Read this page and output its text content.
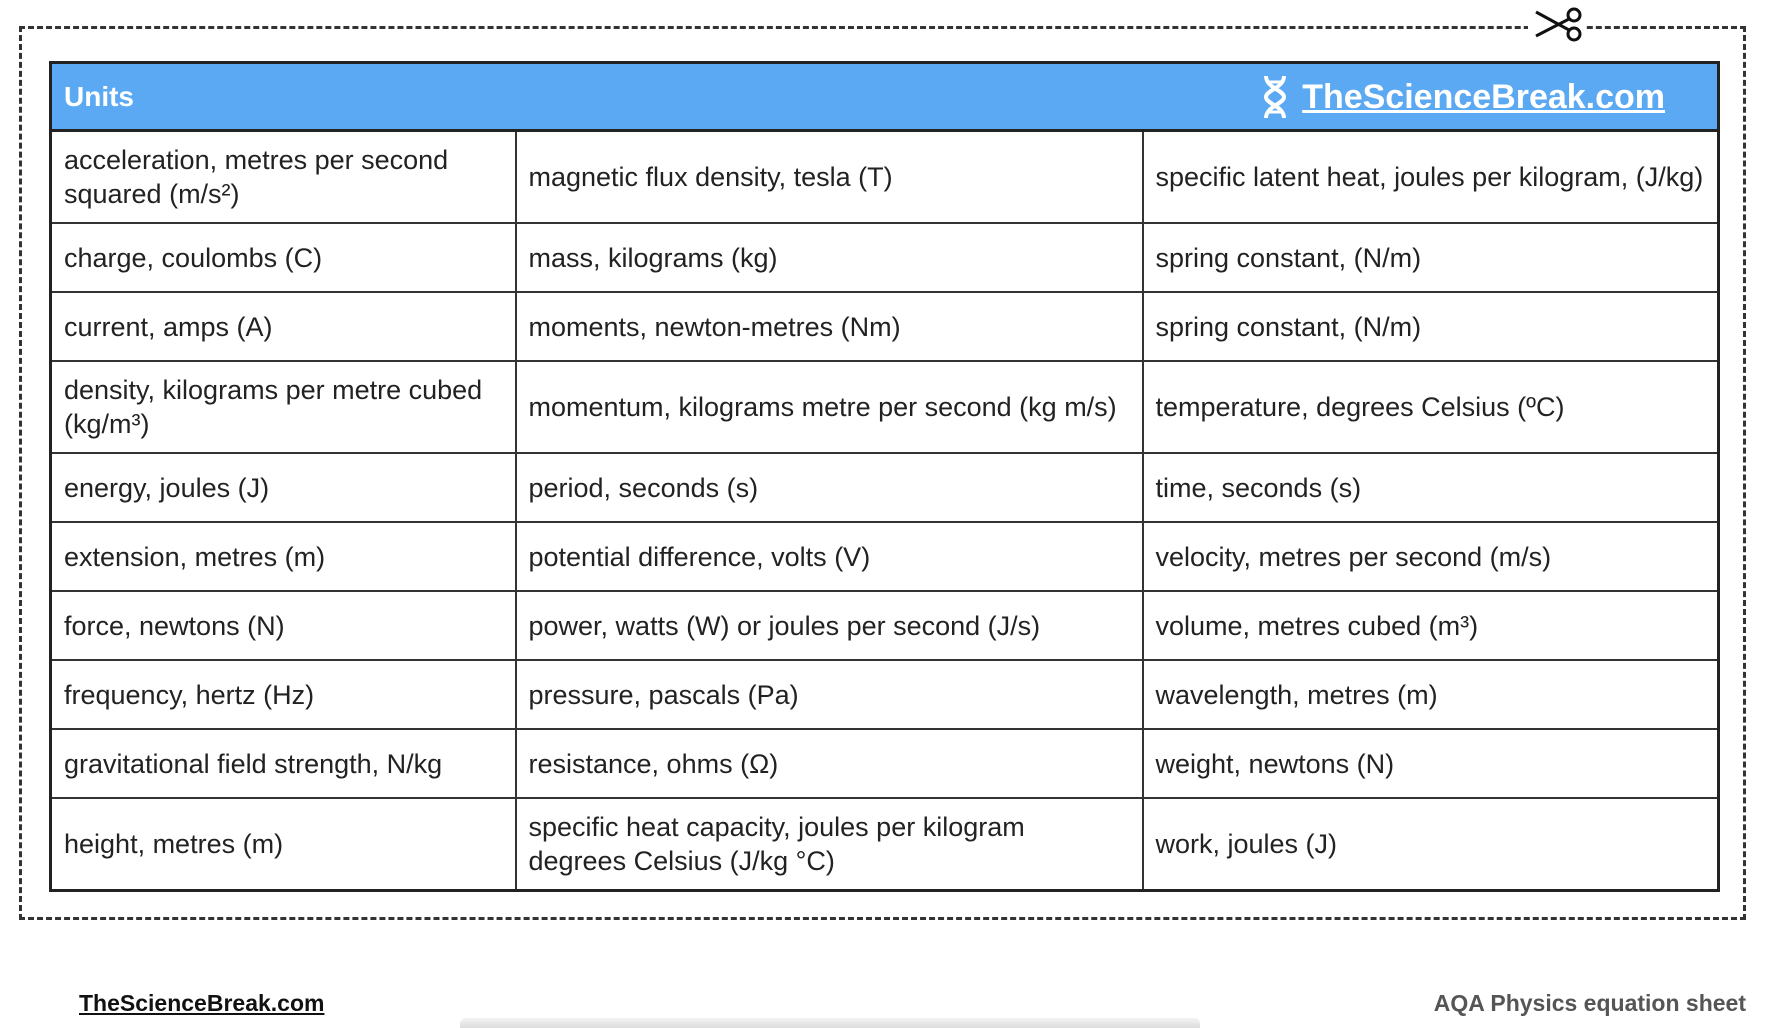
Units TheScienceBreak.com		

acceleration, metres per second squared (m/s²)	magnetic flux density, tesla (T)	specific latent heat, joules per kilogram, (J/kg)
charge, coulombs (C)	mass, kilograms (kg)	spring constant, (N/m)
current, amps (A)	moments, newton-metres (Nm)	spring constant, (N/m)
density, kilograms per metre cubed (kg/m³)	momentum, kilograms metre per second (kg m/s)	temperature, degrees Celsius (ºC)
energy, joules (J)	period, seconds (s)	time, seconds (s)
extension, metres (m)	potential difference, volts (V)	velocity, metres per second (m/s)
force, newtons (N)	power, watts (W) or joules per second (J/s)	volume, metres cubed (m³)
frequency, hertz (Hz)	pressure, pascals (Pa)	wavelength, metres (m)
gravitational field strength, N/kg	resistance, ohms (Ω)	weight, newtons (N)
height, metres (m)	specific heat capacity, joules per kilogram degrees Celsius (J/kg °C)	work, joules (J)
TheScienceBreak.com	AQA Physics equation sheet
